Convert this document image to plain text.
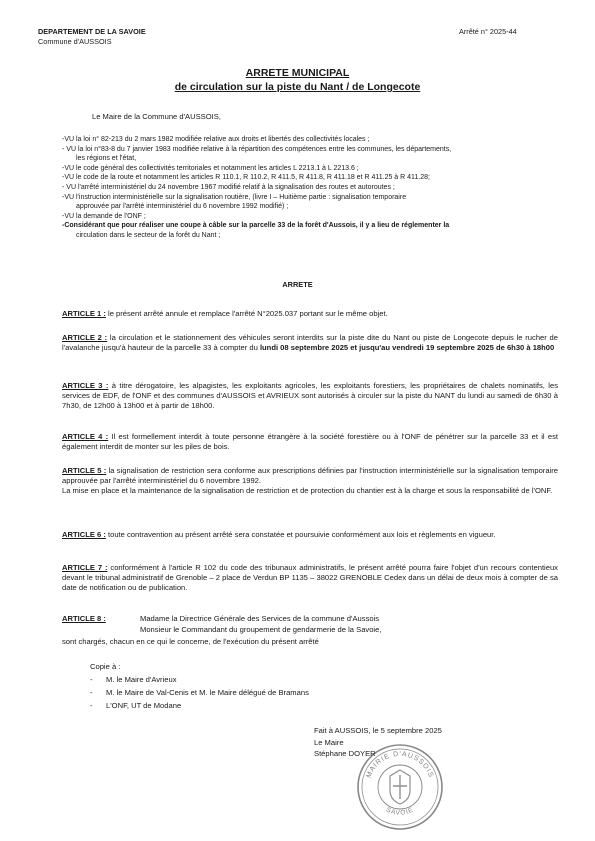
DEPARTEMENT DE LA SAVOIE
Commune d'AUSSOIS
Arrêté n° 2025-44
ARRETE MUNICIPAL
de circulation sur la piste du Nant / de Longecote
Le Maire de la Commune d'AUSSOIS,
-VU la loi n° 82-213 du 2 mars 1982 modifiée relative aux droits et libertés des collectivités locales ;
- VU la loi n°83-8 du 7 janvier 1983 modifiée relative à la répartition des compétences entre les communes, les départements,
les régions et l'état,
-VU le code général des collectivités territoriales et notamment les articles L 2213.1 à L 2213.6 ;
-VU le code de la route et notamment les articles R 110.1, R 110.2, R 411.5, R 411.8, R 411.18 et R 411.25 à R 411.28;
- VU l'arrêté interministériel du 24 novembre 1967 modifié relatif à la signalisation des routes et autoroutes ;
-VU l'instruction interministérielle sur la signalisation routière, (livre I – Huitième partie : signalisation temporaire
approuvée par l'arrêté interministériel du 6 novembre 1992 modifié) ;
-VU la demande de l'ONF ;
-Considérant que pour réaliser une coupe à câble sur la parcelle 33 de la forêt d'Aussois, il y a lieu de réglementer la
circulation dans le secteur de la forêt du Nant ;
ARRETE

ARTICLE 1 : le présent arrêté annule et remplace l'arrêté N°2025.037 portant sur le même objet.

ARTICLE 2 : la circulation et le stationnement des véhicules seront interdits sur la piste dite du Nant ou piste de Longecote depuis le rucher de l'avalanche jusqu'à hauteur de la parcelle 33 à compter du lundi 08 septembre 2025 et jusqu'au vendredi 19 septembre 2025 de 6h30 à 18h00

ARTICLE 3 : à titre dérogatoire, les alpagistes, les exploitants agricoles, les exploitants forestiers, les propriétaires de chalets nominatifs, les services de EDF, de l'ONF et des communes d'AUSSOIS et AVRIEUX sont autorisés à circuler sur la piste du NANT du lundi au samedi de 6h30 à 7h30, de 12h00 à 13h00 et à partir de 18h00.

ARTICLE 4 : Il est formellement interdit à toute personne étrangère à la société forestière ou à l'ONF de pénétrer sur la parcelle 33 et il est également interdit de monter sur les piles de bois.

ARTICLE 5 : la signalisation de restriction sera conforme aux prescriptions définies par l'instruction interministérielle sur la signalisation temporaire approuvée par l'arrêté interministériel du 6 novembre 1992.

La mise en place et la maintenance de la signalisation de restriction et de protection du chantier est à la charge et sous la responsabilité de l'ONF.

ARTICLE 6 : toute contravention au présent arrêté sera constatée et poursuivie conformément aux lois et règlements en vigueur.

ARTICLE 7 : conformément à l'article R 102 du code des tribunaux administratifs, le présent arrêté pourra faire l'objet d'un recours contentieux devant le tribunal administratif de Grenoble – 2 place de Verdun BP 1135 – 38022 GRENOBLE Cedex dans un délai de deux mois à compter de sa date de notification ou de publication.

ARTICLE 8 :	Madame la Directrice Générale des Services de la commune d'Aussois
Monsieur le Commandant du groupement de gendarmerie de la Savoie,
sont chargés, chacun en ce qui le concerne, de l'exécution du présent arrêté
Copie à :
- M. le Maire d'Avrieux
- M. le Maire de Val-Cenis et M. le Maire délégué de Bramans
- L'ONF, UT de Modane
MAIRIE D'AUSSOIS
SAVOIE
Fait à AUSSOIS, le 5 septembre 2025
Le Maire
Stéphane DOYER
